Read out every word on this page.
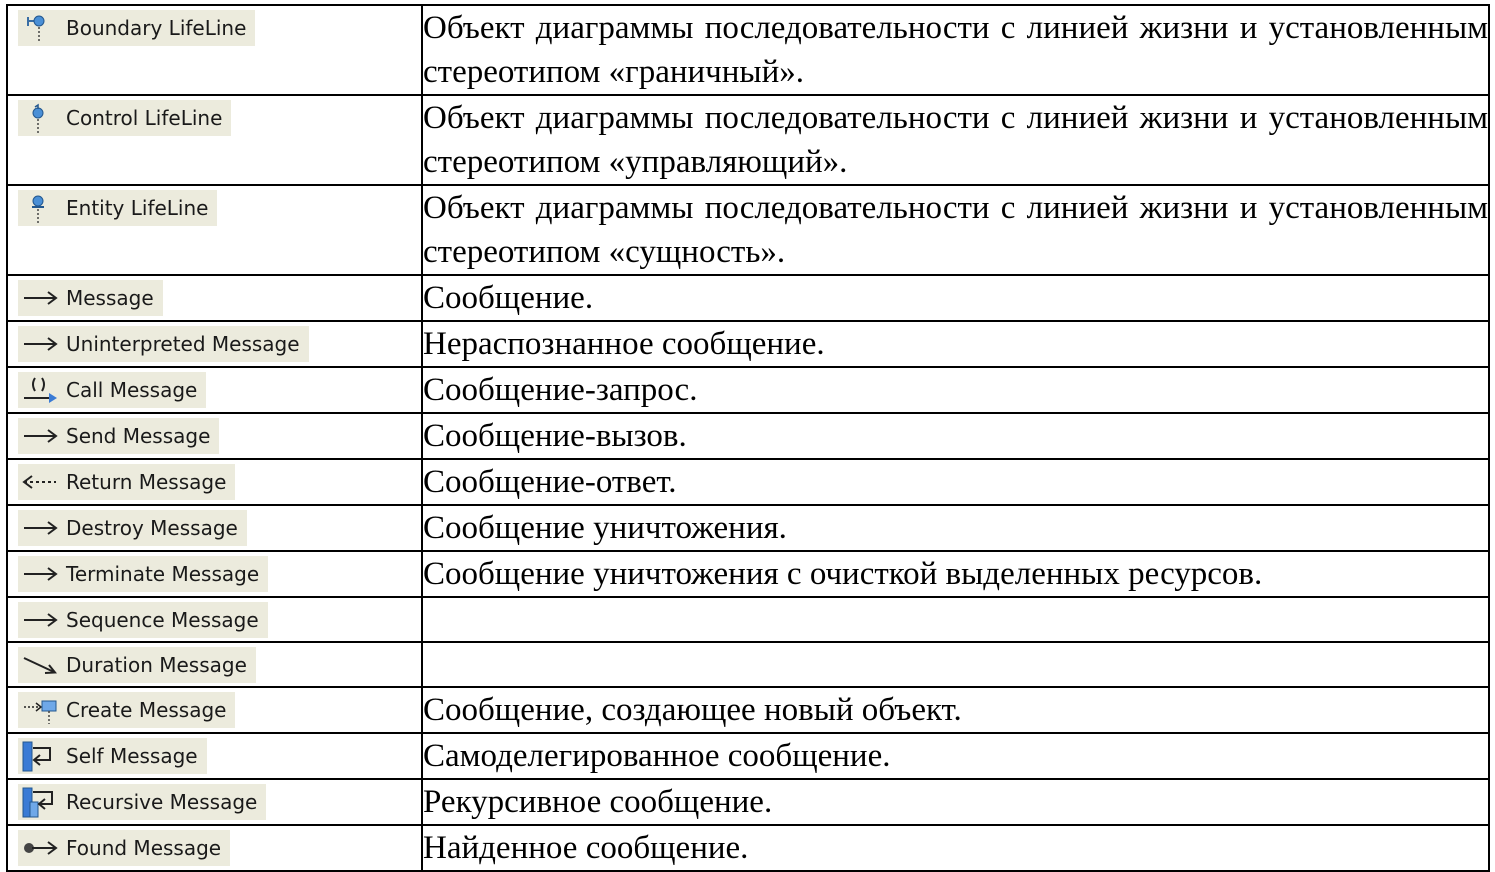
Boundary LifeLine	Объект диаграммы последовательности с линией жизни и установленным стереотипом «граничный».

Control LifeLine	Объект диаграммы последовательности с линией жизни и установленным стереотипом «управляющий».

Entity LifeLine	Объект диаграммы последовательности с линией жизни и установленным стереотипом «сущность».

Message	Сообщение.

Uninterpreted Message	Нераспознанное сообщение.

Call Message	Сообщение-запрос.

Send Message	Сообщение-вызов.

Return Message	Сообщение-ответ.

Destroy Message	Сообщение уничтожения.

Terminate Message	Сообщение уничтожения с очисткой выделенных ресурсов.

Sequence Message	

Duration Message	

Create Message	Сообщение, создающее новый объект.

Self Message	Самоделегированное сообщение.

Recursive Message	Рекурсивное сообщение.

Found Message	Найденное сообщение.
